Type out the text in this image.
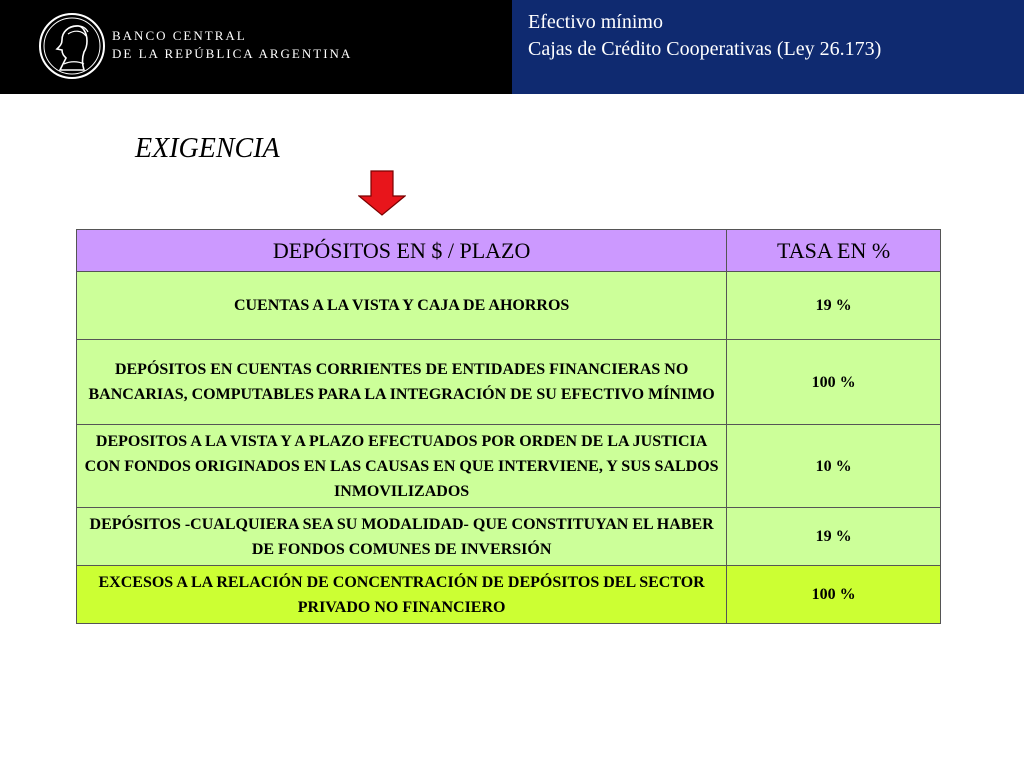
BANCO CENTRAL
DE LA REPÚBLICA ARGENTINA
Efectivo mínimo
Cajas de Crédito Cooperativas (Ley 26.173)
EXIGENCIA
DEPÓSITOS EN $ / PLAZO	TASA EN %
CUENTAS A LA VISTA Y CAJA DE AHORROS	19 %
DEPÓSITOS EN CUENTAS CORRIENTES DE ENTIDADES FINANCIERAS NO BANCARIAS, COMPUTABLES PARA LA INTEGRACIÓN DE SU EFECTIVO MÍNIMO	100 %
DEPOSITOS A LA VISTA Y A PLAZO EFECTUADOS POR ORDEN DE LA JUSTICIA CON FONDOS ORIGINADOS EN LAS CAUSAS EN QUE INTERVIENE, Y SUS SALDOS INMOVILIZADOS	10 %
DEPÓSITOS -CUALQUIERA SEA SU MODALIDAD- QUE CONSTITUYAN EL HABER DE FONDOS COMUNES DE INVERSIÓN	19 %
EXCESOS A LA RELACIÓN DE CONCENTRACIÓN DE DEPÓSITOS DEL SECTOR PRIVADO NO FINANCIERO	100 %
